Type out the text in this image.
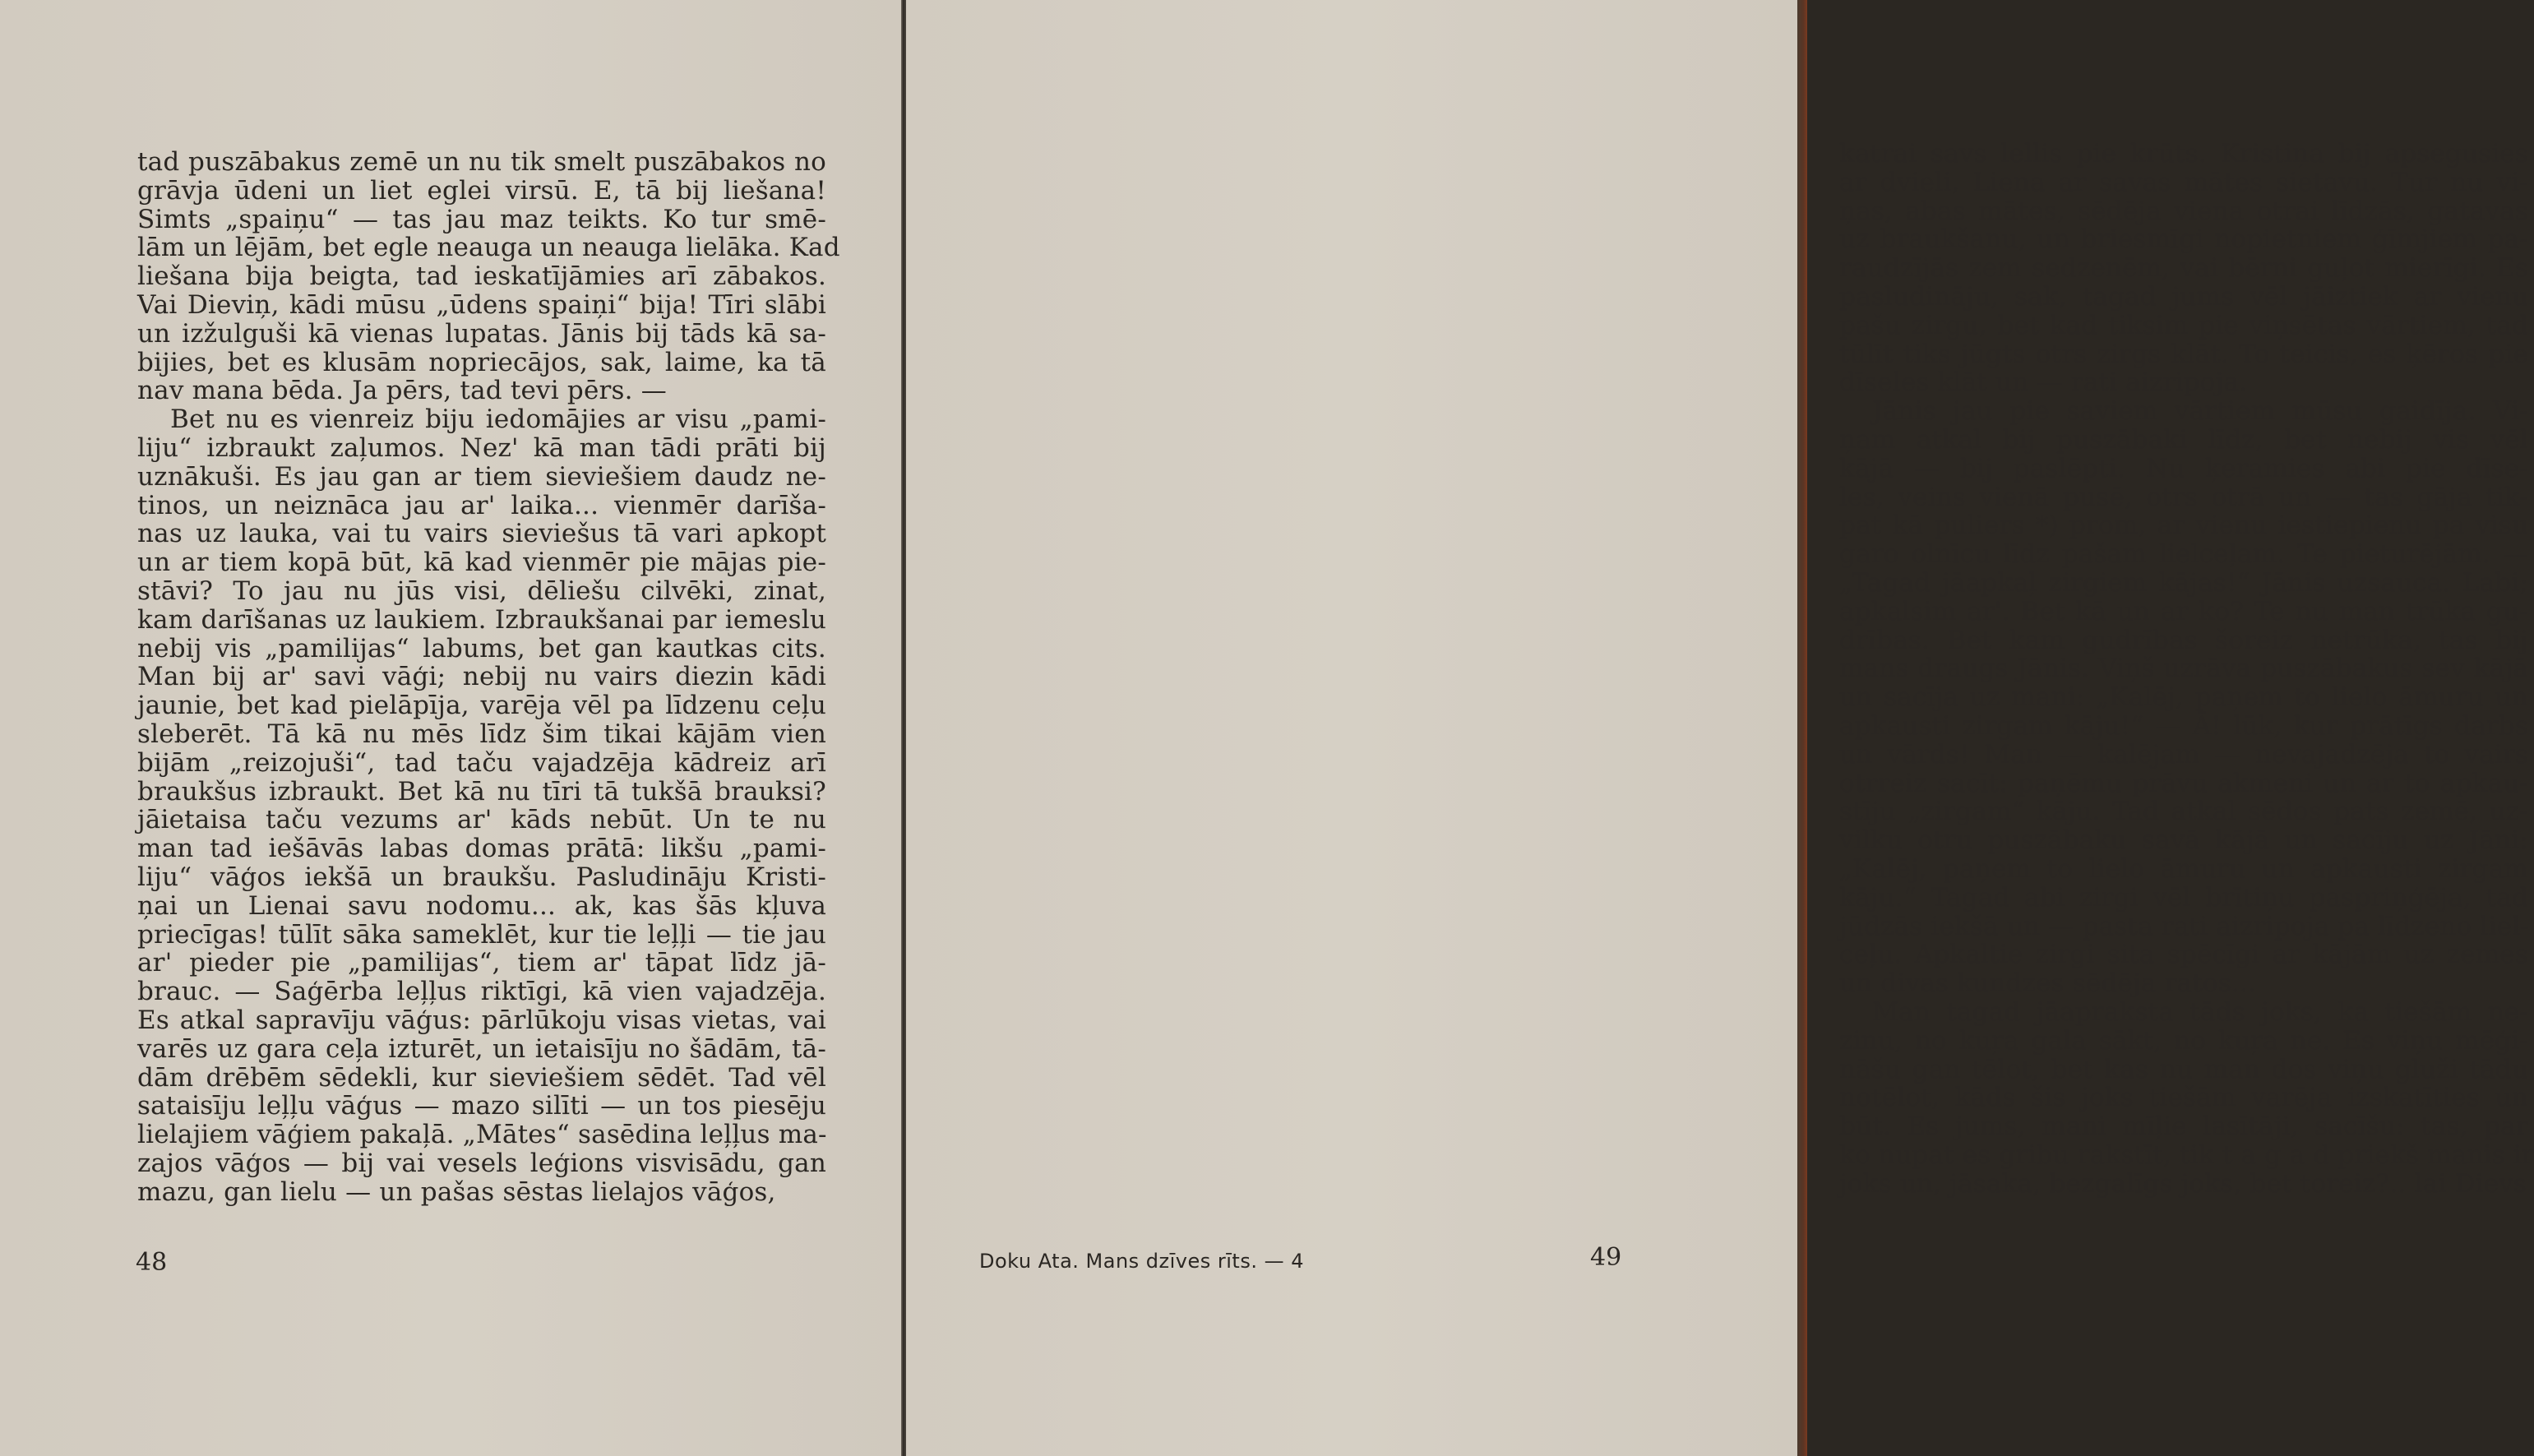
tad puszābakus zemē un nu tik smelt puszābakos no
grāvja ūdeni un liet eglei virsū. E, tā bij liešana!
Simts „spaiņu“ — tas jau maz teikts. Ko tur smē-
lām un lējām, bet egle neauga un neauga lielāka. Kad
liešana bija beigta, tad ieskatījāmies arī zābakos.
Vai Dieviņ, kādi mūsu „ūdens spaiņi“ bija! Tīri slābi
un izžulguši kā vienas lupatas. Jānis bij tāds kā sa-
bijies, bet es klusām nopriecājos, sak, laime, ka tā
nav mana bēda. Ja pērs, tad tevi pērs. —
Bet nu es vienreiz biju iedomājies ar visu „pami-
liju“ izbraukt zaļumos. Nez' kā man tādi prāti bij
uznākuši. Es jau gan ar tiem sieviešiem daudz ne-
tinos, un neiznāca jau ar' laika... vienmēr darīša-
nas uz lauka, vai tu vairs sieviešus tā vari apkopt
un ar tiem kopā būt, kā kad vienmēr pie mājas pie-
stāvi? To jau nu jūs visi, dēliešu cilvēki, zinat,
kam darīšanas uz laukiem. Izbraukšanai par iemeslu
nebij vis „pamilijas“ labums, bet gan kautkas cits.
Man bij ar' savi vāģi; nebij nu vairs diezin kādi
jaunie, bet kad pielāpīja, varēja vēl pa līdzenu ceļu
sleberēt. Tā kā nu mēs līdz šim tikai kājām vien
bijām „reizojuši“, tad taču vajadzēja kādreiz arī
braukšus izbraukt. Bet kā nu tīri tā tukšā brauksi?
jāietaisa taču vezums ar' kāds nebūt. Un te nu
man tad iešāvās labas domas prātā: likšu „pami-
liju“ vāģos iekšā un braukšu. Pasludināju Kristi-
ņai un Lienai savu nodomu... ak, kas šās kļuva
priecīgas! tūlīt sāka sameklēt, kur tie leļļi — tie jau
ar' pieder pie „pamilijas“, tiem ar' tāpat līdz jā-
brauc. — Saģērba leļļus riktīgi, kā vien vajadzēja.
Es atkal sapravīju vāģus: pārlūkoju visas vietas, vai
varēs uz gara ceļa izturēt, un ietaisīju no šādām, tā-
dām drēbēm sēdekli, kur sieviešiem sēdēt. Tad vēl
sataisīju leļļu vāģus — mazo silīti — un tos piesēju
lielajiem vāģiem pakaļā. „Mātes“ sasēdina leļļus ma-
zajos vāģos — bij vai vesels leģions visvisādu, gan
mazu, gan lielu — un pašas sēstas lielajos vāģos,
katrai savs lellis pie krūts. Kristiņa bij apsegusies
ar dvieli, Liena ar savas mātes sietavu. Tur nu vi-
ņas, abas mātes, sēdēja viena otrai līdzās, gatavas
uz braukšanu, un briesmīgi nopietniem ģīmjiem pa-
raudzījās zem sedzenēm, vai bērni guļot mierīgi. Es
pasludināju, sak, tagad jums vēl jāiztiek ar vienu
pašu zirgu, bet kad tiksim pie viņsētas vārtiem, tad
tūlīt tiks jūgts otrs zirgs klāt. To teicis, es ķēros pie
dīseles klāt un — rati aizripoja.
Jānis jau pie saviem vārtiem mūsu gaidīja. Vi-
ņam atkal bij puszābaki līdz, bet nebij vis vēl
kājā — bij paslēpti. Nu ķeramies abi pie dīse-
les, veins vienā pusē, otrs otrā un — tas gāja tik-
pat kā puliers *) prom, ar vienu iestiepienu pa visu
garo olnīcu līdz pašam lielceļam. Te pieturējām. —
„Tagad jāapkaļ zirgiem kājas!“ Jānis uzsauca. Labi;
apkalsim ar'. Bet kā un ar ko? Te nu man trūka gu-
drības. Bet kam gudrības šoreiz netrūka, tas bij
mans draugs Jānis. Viņš uzrāva puszābakus sev kājā
un sacīja uz mani: „Kalēj, paņem to lielo āmuru un
apkausti zirgam kāju!“ — Ā! lūk, kur prātīgs darbs
un vārds! Man — kalējam — nevajadzēja to vairs
otrreiz sacīt: paņēmu prāvu akmeni un ar to apkau-
stīju „zirgam“ kāju. Tad atkal sēdos pats zemē, uz-
vilku otru puszābaku savā kājā un sacīju uz Jāni:
„Kalēj, paņem to lielo āmuru un apkausti zirgam
kāju.“ Tagad abi zirgi vēl brītiņu paspriņģēja, tad
jūdzās iekšā un — pasta rati aizripoja pa līdzeno liel-
ceļu. Apkaltie zirgi sita spēcīgi ar kājām uz zemes
un divas kundzes sēdēja ratos...
Man tagad jāapraksta tāds joks, ka tiešām ne-
zinu, no kuŗa gala sākt, no kuŗa ne. Es viņu mēģi-
nāšu gan tēlot, bet kas nu man dos viņu gluži tādu
notēlot, kāds šis joks tiešām varēja izskatīties un
būt. Es jums, mani mīļie lasītāji, sacīšu: tas, par
ko nupat es gribu rakstīt, tik t a g a d priekš manis ir
joks un, jāsaka, bezgalīgs joks, bet toreiz?.. lai Dievs
48	Doku Ata. Mans dzīves rīts. — 4	49
